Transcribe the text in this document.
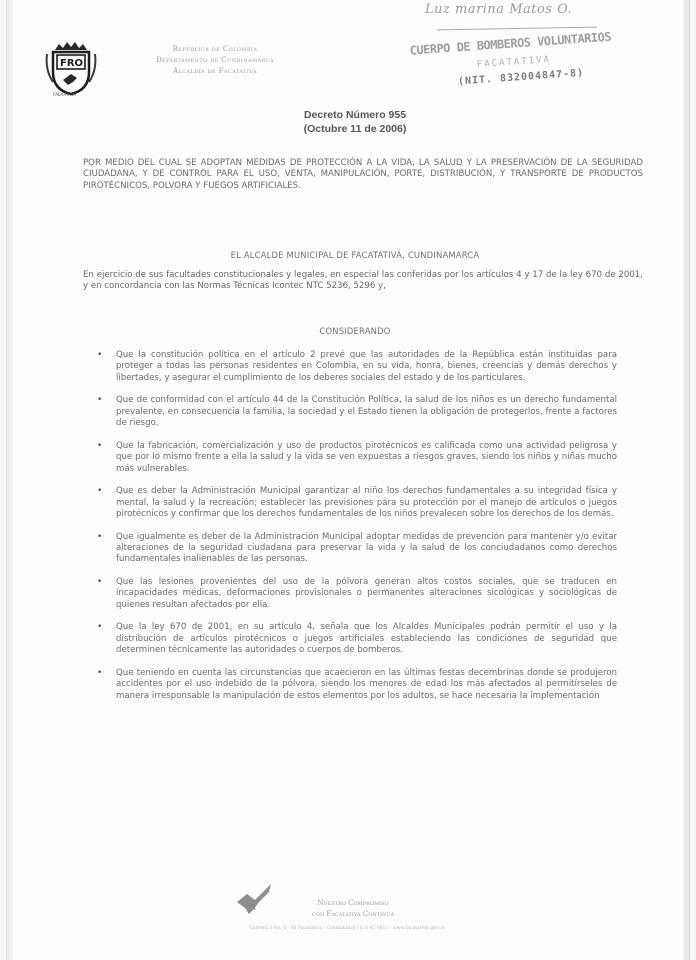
FRO
FACATATIVÁ
República de Colombia
Departamento de Cundinamarca
Alcaldía de Facatativá
Luz marina Matos O.
CUERPO DE BOMBEROS VOLUNTARIOS
FACATATIVA
(NIT. 832004847-8)
Decreto Número 955
(Octubre 11 de 2006)
POR MEDIO DEL CUAL SE ADOPTAN MEDIDAS DE PROTECCIÓN A LA VIDA, LA SALUD Y LA PRESERVACIÓN DE LA SEGURIDAD CIUDADANA, Y DE CONTROL PARA EL USO, VENTA, MANIPULACIÓN, PORTE, DISTRIBUCIÓN, Y TRANSPORTE DE PRODUCTOS PIROTÉCNICOS, POLVORA Y FUEGOS ARTIFICIALES.
EL ALCALDE MUNICIPAL DE FACATATIVÁ, CUNDINAMARCA
En ejercicio de sus facultades constitucionales y legales, en especial las conferidas por los artículos 4 y 17 de la ley 670 de 2001, y en concordancia con las Normas Técnicas Icontec NTC 5236, 5296 y,
CONSIDERANDO
• Que la constitución política en el artículo 2 prevé que las autoridades de la República están instituidas para proteger a todas las personas residentes en Colombia, en su vida, honra, bienes, creencias y demás derechos y libertades, y asegurar el cumplimiento de los deberes sociales del estado y de los particulares.
• Que de conformidad con el artículo 44 de la Constitución Política, la salud de los niños es un derecho fundamental prevalente, en consecuencia la familia, la sociedad y el Estado tienen la obligación de protegerlos, frente a factores de riesgo.
• Que la fabricación, comercialización y uso de productos pirotécnicos es calificada como una actividad peligrosa y que por lo mismo frente a ella la salud y la vida se ven expuestas a riesgos graves, siendo los niños y niñas mucho más vulnerables.
• Que es deber la Administración Municipal garantizar al niño los derechos fundamentales a su integridad física y mental, la salud y la recreación; establecer las previsiones para su protección por el manejo de artículos o juegos pirotécnicos y confirmar que los derechos fundamentales de los niños prevalecen sobre los derechos de los demás.
• Que igualmente es deber de la Administración Municipal adoptar medidas de prevención para mantener y/o evitar alteraciones de la seguridad ciudadana para preservar la vida y la salud de los conciudadanos como derechos fundamentales inalienables de las personas.
• Que las lesiones provenientes del uso de la pólvora generan altos costos sociales, que se traducen en incapacidades médicas, deformaciones provisionales o permanentes alteraciones sicológicas y sociológicas de quienes resultan afectados por ella.
• Que la ley 670 de 2001, en su artículo 4, señala que los Alcaldes Municipales podrán permitir el uso y la distribución de artículos pirotécnicos o juegos artificiales estableciendo las condiciones de seguridad que determinen técnicamente las autoridades o cuerpos de bomberos.
• Que teniendo en cuenta las circunstancias que acaecieron en las últimas festas decembrinas donde se produjeron accidentes por el uso indebido de la pólvora, siendo los menores de edad los más afectados al permitírseles de manera irresponsable la manipulación de estos elementos por los adultos, se hace necesaria la implementación
Nuestro Compromiso
con Facatativá Continúa
Carrera 3 No. 5 - 68 Facatativá - Conmutador (1) 8 42 0811 - www.facatativa.gov.co
